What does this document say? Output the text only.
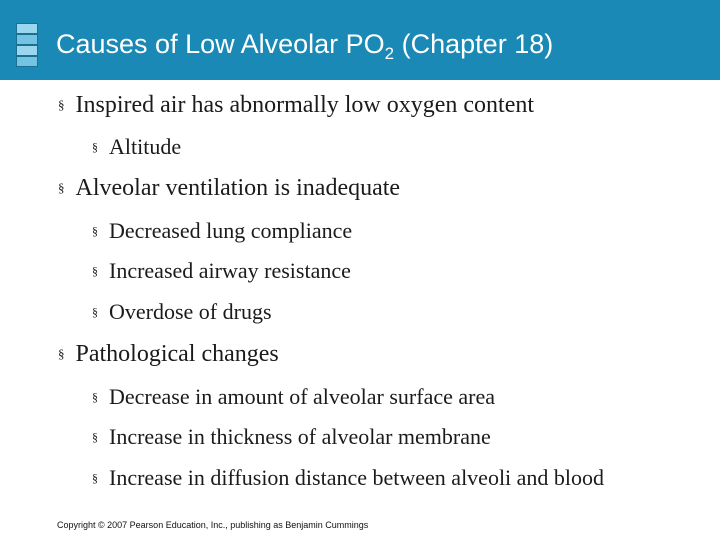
Causes of Low Alveolar $PO_2$ (Chapter 18)

§ Inspired air has abnormally low oxygen content

§ Altitude

§ Alveolar ventilation is inadequate

§ Decreased lung compliance

§ Increased airway resistance

§ Overdose of drugs

§ Pathological changes

§ Decrease in amount of alveolar surface area

§ Increase in thickness of alveolar membrane

§ Increase in diffusion distance between alveoli and blood

Copyright © 2007 Pearson Education, Inc., publishing as Benjamin Cummings
